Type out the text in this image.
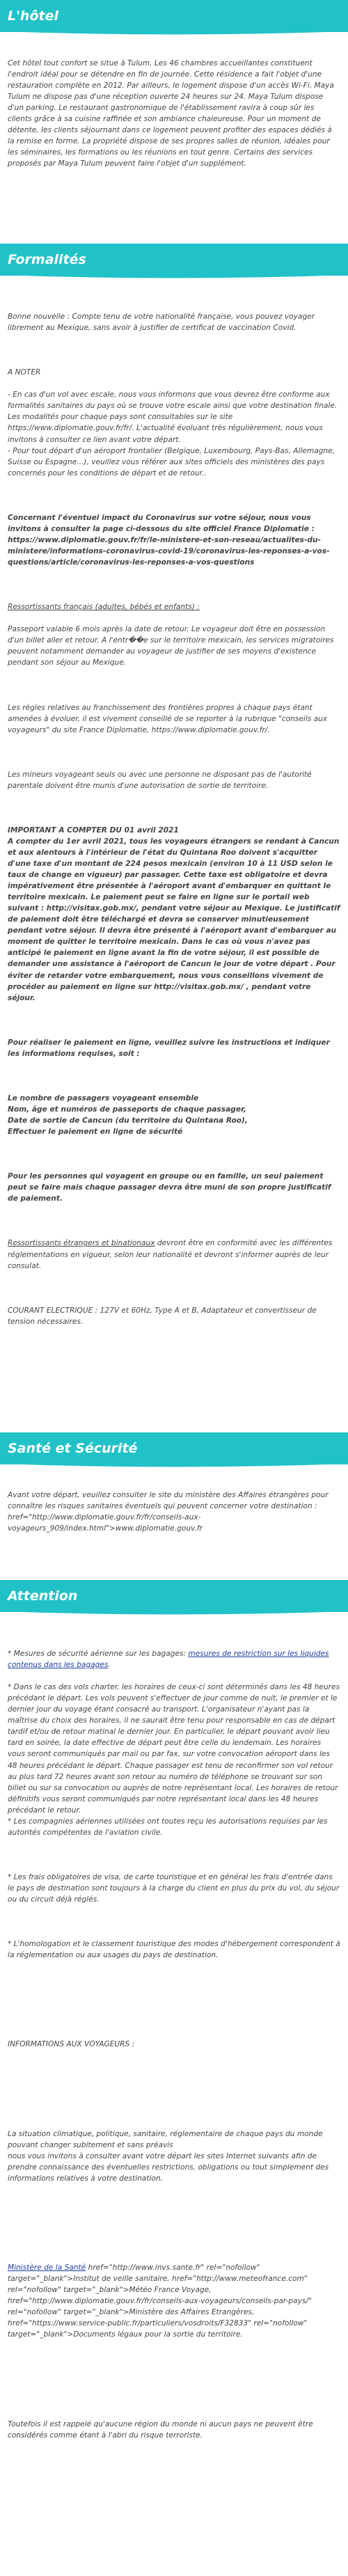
L'hôtel

Cet hôtel tout confort se situe à Tulum. Les 46 chambres accueillantes constituent l'endroit idéal pour se détendre en fin de journée. Cette résidence a fait l'objet d'une restauration complète en 2012. Par ailleurs, le logement dispose d'un accès Wi-Fi. Maya Tulum ne dispose pas d'une réception ouverte 24 heures sur 24. Maya Tulum dispose d'un parking. Le restaurant gastronomique de l'établissement ravira à coup sûr les clients grâce à sa cuisine raffinée et son ambiance chaleureuse. Pour un moment de détente, les clients séjournant dans ce logement peuvent profiter des espaces dédiés à la remise en forme. La propriété dispose de ses propres salles de réunion, idéales pour les séminaires, les formations ou les réunions en tout genre. Certains des services proposés par Maya Tulum peuvent faire l'objet d'un supplément.

Formalités

Bonne nouvelle : Compte tenu de votre nationalité française, vous pouvez voyager librement au Mexique, sans avoir à justifier de certificat de vaccination Covid.

A NOTER

- En cas d'un vol avec escale, nous vous informons que vous devrez être conforme aux formalités sanitaires du pays où se trouve votre escale ainsi que votre destination finale.
Les modalités pour chaque pays sont consultables sur le site https://www.diplomatie.gouv.fr/fr/. L'actualité évoluant très régulièrement, nous vous invitons à consulter ce lien avant votre départ.
- Pour tout départ d'un aéroport frontalier (Belgique, Luxembourg, Pays-Bas, Allemagne, Suisse ou Espagne...), veuillez vous référer aux sites officiels des ministères des pays concernés pour les conditions de départ et de retour..

Concernant l'éventuel impact du Coronavirus sur votre séjour, nous vous invitons à consulter la page ci-dessous du site officiel France Diplomatie : https://www.diplomatie.gouv.fr/fr/le-ministere-et-son-reseau/actualites-du-ministere/informations-coronavirus-covid-19/coronavirus-les-reponses-a-vos-questions/article/coronavirus-les-reponses-a-vos-questions

Ressortissants français (adultes, bébés et enfants) :

Passeport valable 6 mois après la date de retour. Le voyageur doit être en possession d'un billet aller et retour. A l'entr��e sur le territoire mexicain, les services migratoires peuvent notamment demander au voyageur de justifier de ses moyens d'existence pendant son séjour au Mexique.

Les règles relatives au franchissement des frontières propres à chaque pays étant amenées à évoluer, il est vivement conseillé de se reporter à la rubrique "conseils aux voyageurs" du site France Diplomatie, https://www.diplomatie.gouv.fr/.

Les mineurs voyageant seuls ou avec une personne ne disposant pas de l'autorité parentale doivent être munis d'une autorisation de sortie de territoire.

IMPORTANT A COMPTER DU 01 avril 2021
A compter du 1er avril 2021, tous les voyageurs étrangers se rendant à Cancun et aux alentours à l'intérieur de l'état du Quintana Roo doivent s'acquitter d'une taxe d'un montant de 224 pesos mexicain (environ 10 à 11 USD selon le taux de change en vigueur) par passager. Cette taxe est obligatoire et devra impérativement être présentée à l'aéroport avant d'embarquer en quittant le territoire mexicain. Le paiement peut se faire en ligne sur le portail web suivant : http://visitax.gob.mx/, pendant votre séjour au Mexique. Le justificatif de paiement doit être téléchargé et devra se conserver minutieusement pendant votre séjour. Il devra être présenté à l'aéroport avant d'embarquer au moment de quitter le territoire mexicain. Dans le cas où vous n'avez pas anticipé le paiement en ligne avant la fin de votre séjour, il est possible de demander une assistance à l'aéroport de Cancun le jour de votre départ . Pour éviter de retarder votre embarquement, nous vous conseillons vivement de procéder au paiement en ligne sur http://visitax.gob.mx/ , pendant votre séjour.

Pour réaliser le paiement en ligne, veuillez suivre les instructions et indiquer les informations requises, soit :

Le nombre de passagers voyageant ensemble
Nom, âge et numéros de passeports de chaque passager,
Date de sortie de Cancun (du territoire du Quintana Roo),
Effectuer le paiement en ligne de sécurité

Pour les personnes qui voyagent en groupe ou en famille, un seul paiement peut se faire mais chaque passager devra être muni de son propre justificatif de paiement.

Ressortissants étrangers et binationaux devront être en conformité avec les différentes réglementations en vigueur, selon leur nationalité et devront s'informer auprès de leur consulat.

COURANT ELECTRIQUE : 127V et 60Hz, Type A et B, Adaptateur et convertisseur de tension nécessaires.

Santé et Sécurité

Avant votre départ, veuillez consulter le site du ministère des Affaires étrangères pour connaître les risques sanitaires éventuels qui peuvent concerner votre destination : href="http://www.diplomatie.gouv.fr/fr/conseils-aux-voyageurs_909/index.html">www.diplomatie.gouv.fr

Attention

* Mesures de sécurité aérienne sur les bagages: mesures de restriction sur les liquides contenus dans les bagages.

* Dans le cas des vols charter, les horaires de ceux-ci sont déterminés dans les 48 heures précédant le départ. Les vols peuvent s'effectuer de jour comme de nuit, le premier et le dernier jour du voyage étant consacré au transport. L'organisateur n'ayant pas la maîtrise du choix des horaires, il ne saurait être tenu pour responsable en cas de départ tardif et/ou de retour matinal le dernier jour. En particulier, le départ pouvant avoir lieu tard en soirée, la date effective de départ peut être celle du lendemain. Les horaires vous seront communiqués par mail ou par fax, sur votre convocation aéroport dans les 48 heures précédant le départ. Chaque passager est tenu de reconfirmer son vol retour au plus tard 72 heures avant son retour au numéro de téléphone se trouvant sur son billet ou sur sa convocation ou auprès de notre représentant local. Les horaires de retour définitifs vous seront communiqués par notre représentant local dans les 48 heures précédant le retour.
* Les compagnies aériennes utilisées ont toutes reçu les autorisations requises par les autorités compétentes de l'aviation civile.

* Les frais obligatoires de visa, de carte touristique et en général les frais d'entrée dans le pays de destination sont toujours à la charge du client en plus du prix du vol, du séjour ou du circuit déjà réglés.

* L'homologation et le classement touristique des modes d'hébergement correspondent à la réglementation ou aux usages du pays de destination.

INFORMATIONS AUX VOYAGEURS :

La situation climatique, politique, sanitaire, réglementaire de chaque pays du monde pouvant changer subitement et sans préavis
nous vous invitons à consulter avant votre départ les sites Internet suivants afin de prendre connaissance des éventuelles restrictions, obligations ou tout simplement des informations relatives à votre destination.

Ministère de la Santé href="http://www.invs.sante.fr" rel="nofollow" target="_blank">Institut de veille sanitaire, href="http://www.meteofrance.com" rel="nofollow" target="_blank">Météo France Voyage, href="http://www.diplomatie.gouv.fr/fr/conseils-aux-voyageurs/conseils-par-pays/" rel="nofollow" target="_blank">Ministère des Affaires Etrangères, href="https://www.service-public.fr/particuliers/vosdroits/F32833" rel="nofollow" target="_blank">Documents légaux pour la sortie du territoire.

Toutefois il est rappelé qu'aucune région du monde ni aucun pays ne peuvent être considérés comme étant à l'abri du risque terroriste.
